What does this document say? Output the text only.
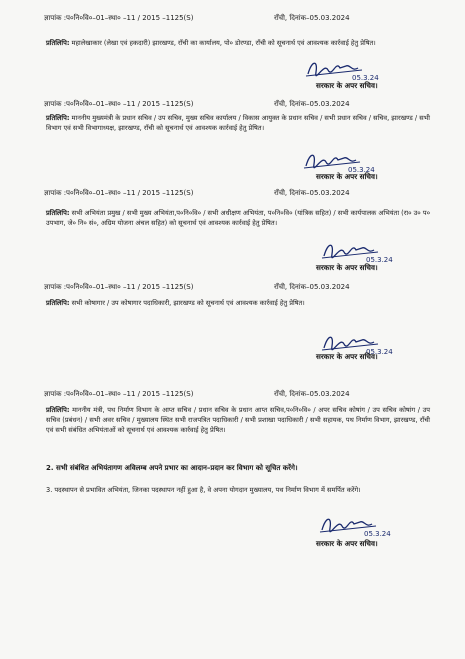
ज्ञापांक :प०नि०वि०–01–स्था० –11 / 2015 –1125(S)	राँची, दिनांक–05.03.2024
प्रतिलिपि: महालेखाकार (लेखा एवं हकदारी) झारखण्ड, राँची का कार्यालय, पो० डोरण्डा, राँची को सूचनार्थ एवं आवश्यक कार्रवाई हेतु प्रेषित।
05.3.24
सरकार के अपर सचिव।
ज्ञापांक :प०नि०वि०–01–स्था० –11 / 2015 –1125(S)	राँची, दिनांक–05.03.2024
प्रतिलिपि: माननीय मुख्यमंत्री के प्रधान सचिव / उप सचिव, मुख्य सचिव कार्यालय / विकास आयुक्त के प्रधान सचिव / सभी प्रधान सचिव / सचिव, झारखण्ड / सभी विभाग एवं सभी विभागाध्यक्ष, झारखण्ड, राँची को सूचनार्थ एवं आवश्यक कार्रवाई हेतु प्रेषित।
05.3.24
सरकार के अपर सचिव।
ज्ञापांक :प०नि०वि०–01–स्था० –11 / 2015 –1125(S)	राँची, दिनांक–05.03.2024
प्रतिलिपि: सभी अभियंता प्रमुख / सभी मुख्य अभियंता,प०नि०वि० / सभी अधीक्षण अभियंता, प०नि०वि० (यांत्रिक सहित) / सभी कार्यपालक अभियंता (रा० उ० प० उपभाग, जे० नि० सं०, अग्रिम योजना अंचल सहित) को सूचनार्थ एवं आवश्यक कार्रवाई हेतु प्रेषित।
05.3.24
सरकार के अपर सचिव।
ज्ञापांक :प०नि०वि०–01–स्था० –11 / 2015 –1125(S)	राँची, दिनांक–05.03.2024
प्रतिलिपि: सभी कोषागार / उप कोषागार पदाधिकारी, झारखण्ड को सूचनार्थ एवं आवश्यक कार्रवाई हेतु प्रेषित।
05.3.24
सरकार के अपर सचिव।
ज्ञापांक :प०नि०वि०–01–स्था० –11 / 2015 –1125(S)	राँची, दिनांक–05.03.2024
प्रतिलिपि: माननीय मंत्री, पथ निर्माण विभाग के आप्त सचिव / प्रधान सचिव के प्रधान आप्त सचिव,प०नि०वि० / अपर सचिव कोषांग / उप सचिव कोषांग / उप सचिव (प्रबंधन) / सभी अवर सचिव / मुख्यालय स्थित सभी राजपत्रित पदाधिकारी / सभी प्रशाखा पदाधिकारी / सभी सहायक, पथ निर्माण विभाग, झारखण्ड, राँची एवं सभी संबंधित अभियंताओं को सूचनार्थ एवं आवश्यक कार्रवाई हेतु प्रेषित।
2. सभी संबंधित अभियंतागण अविलम्ब अपने प्रभार का आदान–प्रदान कर विभाग को सूचित करेंगे।
3. पदस्थापन से प्रभावित अभियंता, जिनका पदस्थापन नहीं हुआ है, वे अपना योगदान मुख्यालय, पथ निर्माण विभाग में समर्पित करेंगे।
05.3.24
सरकार के अपर सचिव।
